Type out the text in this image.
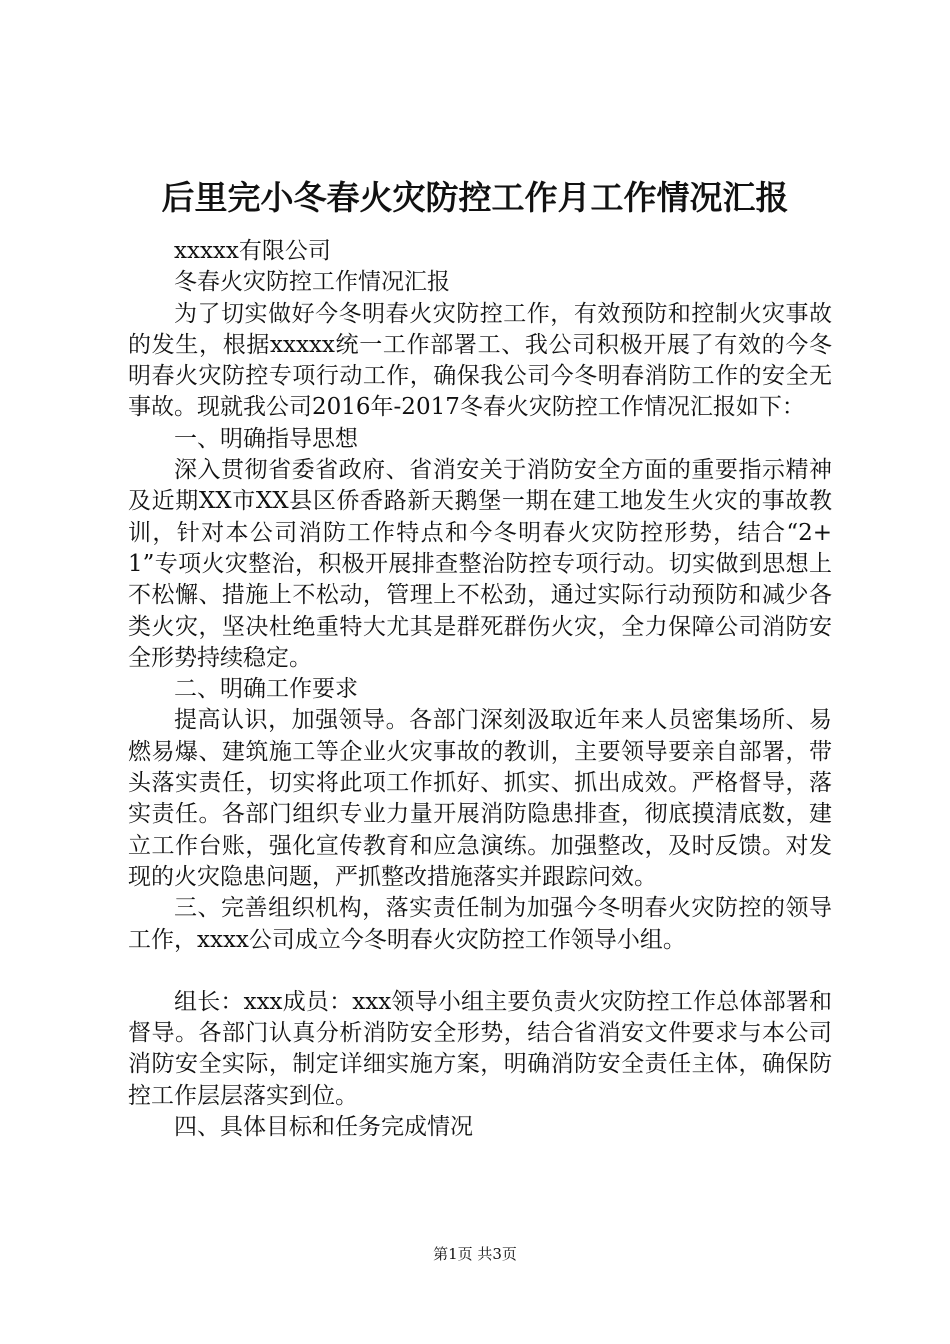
后里完小冬春火灾防控工作月工作情况汇报

xxxxx有限公司

冬春火灾防控工作情况汇报

为了切实做好今冬明春火灾防控工作，有效预防和控制火灾事故的发生，根据xxxxx统一工作部署工、我公司积极开展了有效的今冬明春火灾防控专项行动工作，确保我公司今冬明春消防工作的安全无事故。现就我公司2016年-2017冬春火灾防控工作情况汇报如下：

一、明确指导思想

深入贯彻省委省政府、省消安关于消防安全方面的重要指示精神及近期XX市XX县区侨香路新天鹅堡一期在建工地发生火灾的事故教训，针对本公司消防工作特点和今冬明春火灾防控形势，结合“2+1”专项火灾整治，积极开展排查整治防控专项行动。切实做到思想上不松懈、措施上不松动，管理上不松劲，通过实际行动预防和减少各类火灾，坚决杜绝重特大尤其是群死群伤火灾，全力保障公司消防安全形势持续稳定。

二、明确工作要求

提高认识，加强领导。各部门深刻汲取近年来人员密集场所、易燃易爆、建筑施工等企业火灾事故的教训，主要领导要亲自部署，带头落实责任，切实将此项工作抓好、抓实、抓出成效。严格督导，落实责任。各部门组织专业力量开展消防隐患排查，彻底摸清底数，建立工作台账，强化宣传教育和应急演练。加强整改，及时反馈。对发现的火灾隐患问题，严抓整改措施落实并跟踪问效。

三、完善组织机构，落实责任制为加强今冬明春火灾防控的领导工作，xxxx公司成立今冬明春火灾防控工作领导小组。

组长：xxx成员：xxx领导小组主要负责火灾防控工作总体部署和督导。各部门认真分析消防安全形势，结合省消安文件要求与本公司消防安全实际，制定详细实施方案，明确消防安全责任主体，确保防控工作层层落实到位。

四、具体目标和任务完成情况

第1页 共3页
